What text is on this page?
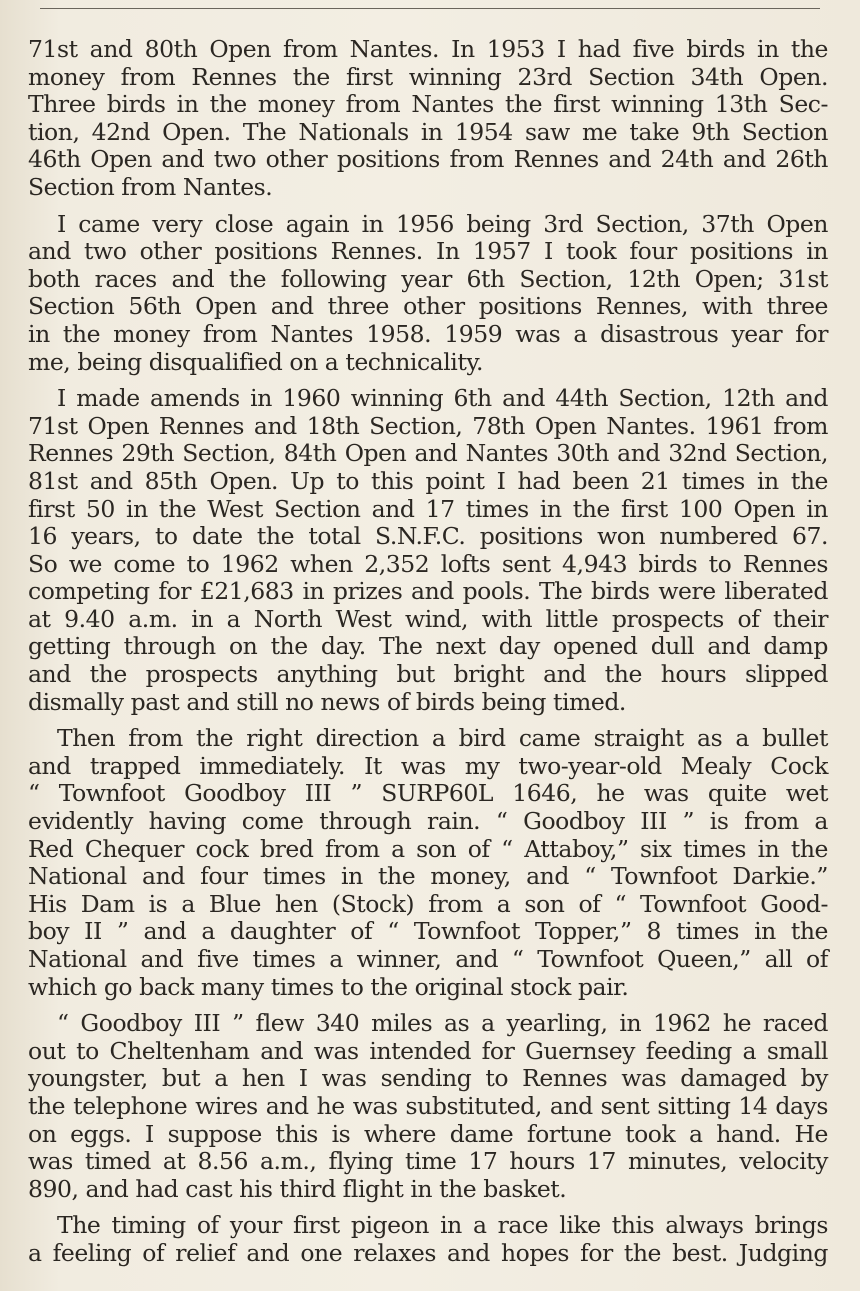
71st and 80th Open from Nantes. In 1953 I had five birds in the
money from Rennes the first winning 23rd Section 34th Open.
Three birds in the money from Nantes the first winning 13th Sec-
tion, 42nd Open. The Nationals in 1954 saw me take 9th Section
46th Open and two other positions from Rennes and 24th and 26th
Section from Nantes.
I came very close again in 1956 being 3rd Section, 37th Open
and two other positions Rennes. In 1957 I took four positions in
both races and the following year 6th Section, 12th Open; 31st
Section 56th Open and three other positions Rennes, with three
in the money from Nantes 1958. 1959 was a disastrous year for
me, being disqualified on a technicality.
I made amends in 1960 winning 6th and 44th Section, 12th and
71st Open Rennes and 18th Section, 78th Open Nantes. 1961 from
Rennes 29th Section, 84th Open and Nantes 30th and 32nd Section,
81st and 85th Open. Up to this point I had been 21 times in the
first 50 in the West Section and 17 times in the first 100 Open in
16 years, to date the total S.N.F.C. positions won numbered 67.
So we come to 1962 when 2,352 lofts sent 4,943 birds to Rennes
competing for £21,683 in prizes and pools. The birds were liberated
at 9.40 a.m. in a North West wind, with little prospects of their
getting through on the day. The next day opened dull and damp
and the prospects anything but bright and the hours slipped
dismally past and still no news of birds being timed.
Then from the right direction a bird came straight as a bullet
and trapped immediately. It was my two-year-old Mealy Cock
“ Townfoot Goodboy III ” SURP60L 1646, he was quite wet
evidently having come through rain. “ Goodboy III ” is from a
Red Chequer cock bred from a son of “ Attaboy,” six times in the
National and four times in the money, and “ Townfoot Darkie.”
His Dam is a Blue hen (Stock) from a son of “ Townfoot Good-
boy II ” and a daughter of “ Townfoot Topper,” 8 times in the
National and five times a winner, and “ Townfoot Queen,” all of
which go back many times to the original stock pair.
“ Goodboy III ” flew 340 miles as a yearling, in 1962 he raced
out to Cheltenham and was intended for Guernsey feeding a small
youngster, but a hen I was sending to Rennes was damaged by
the telephone wires and he was substituted, and sent sitting 14 days
on eggs. I suppose this is where dame fortune took a hand. He
was timed at 8.56 a.m., flying time 17 hours 17 minutes, velocity
890, and had cast his third flight in the basket.
The timing of your first pigeon in a race like this always brings
a feeling of relief and one relaxes and hopes for the best. Judging
